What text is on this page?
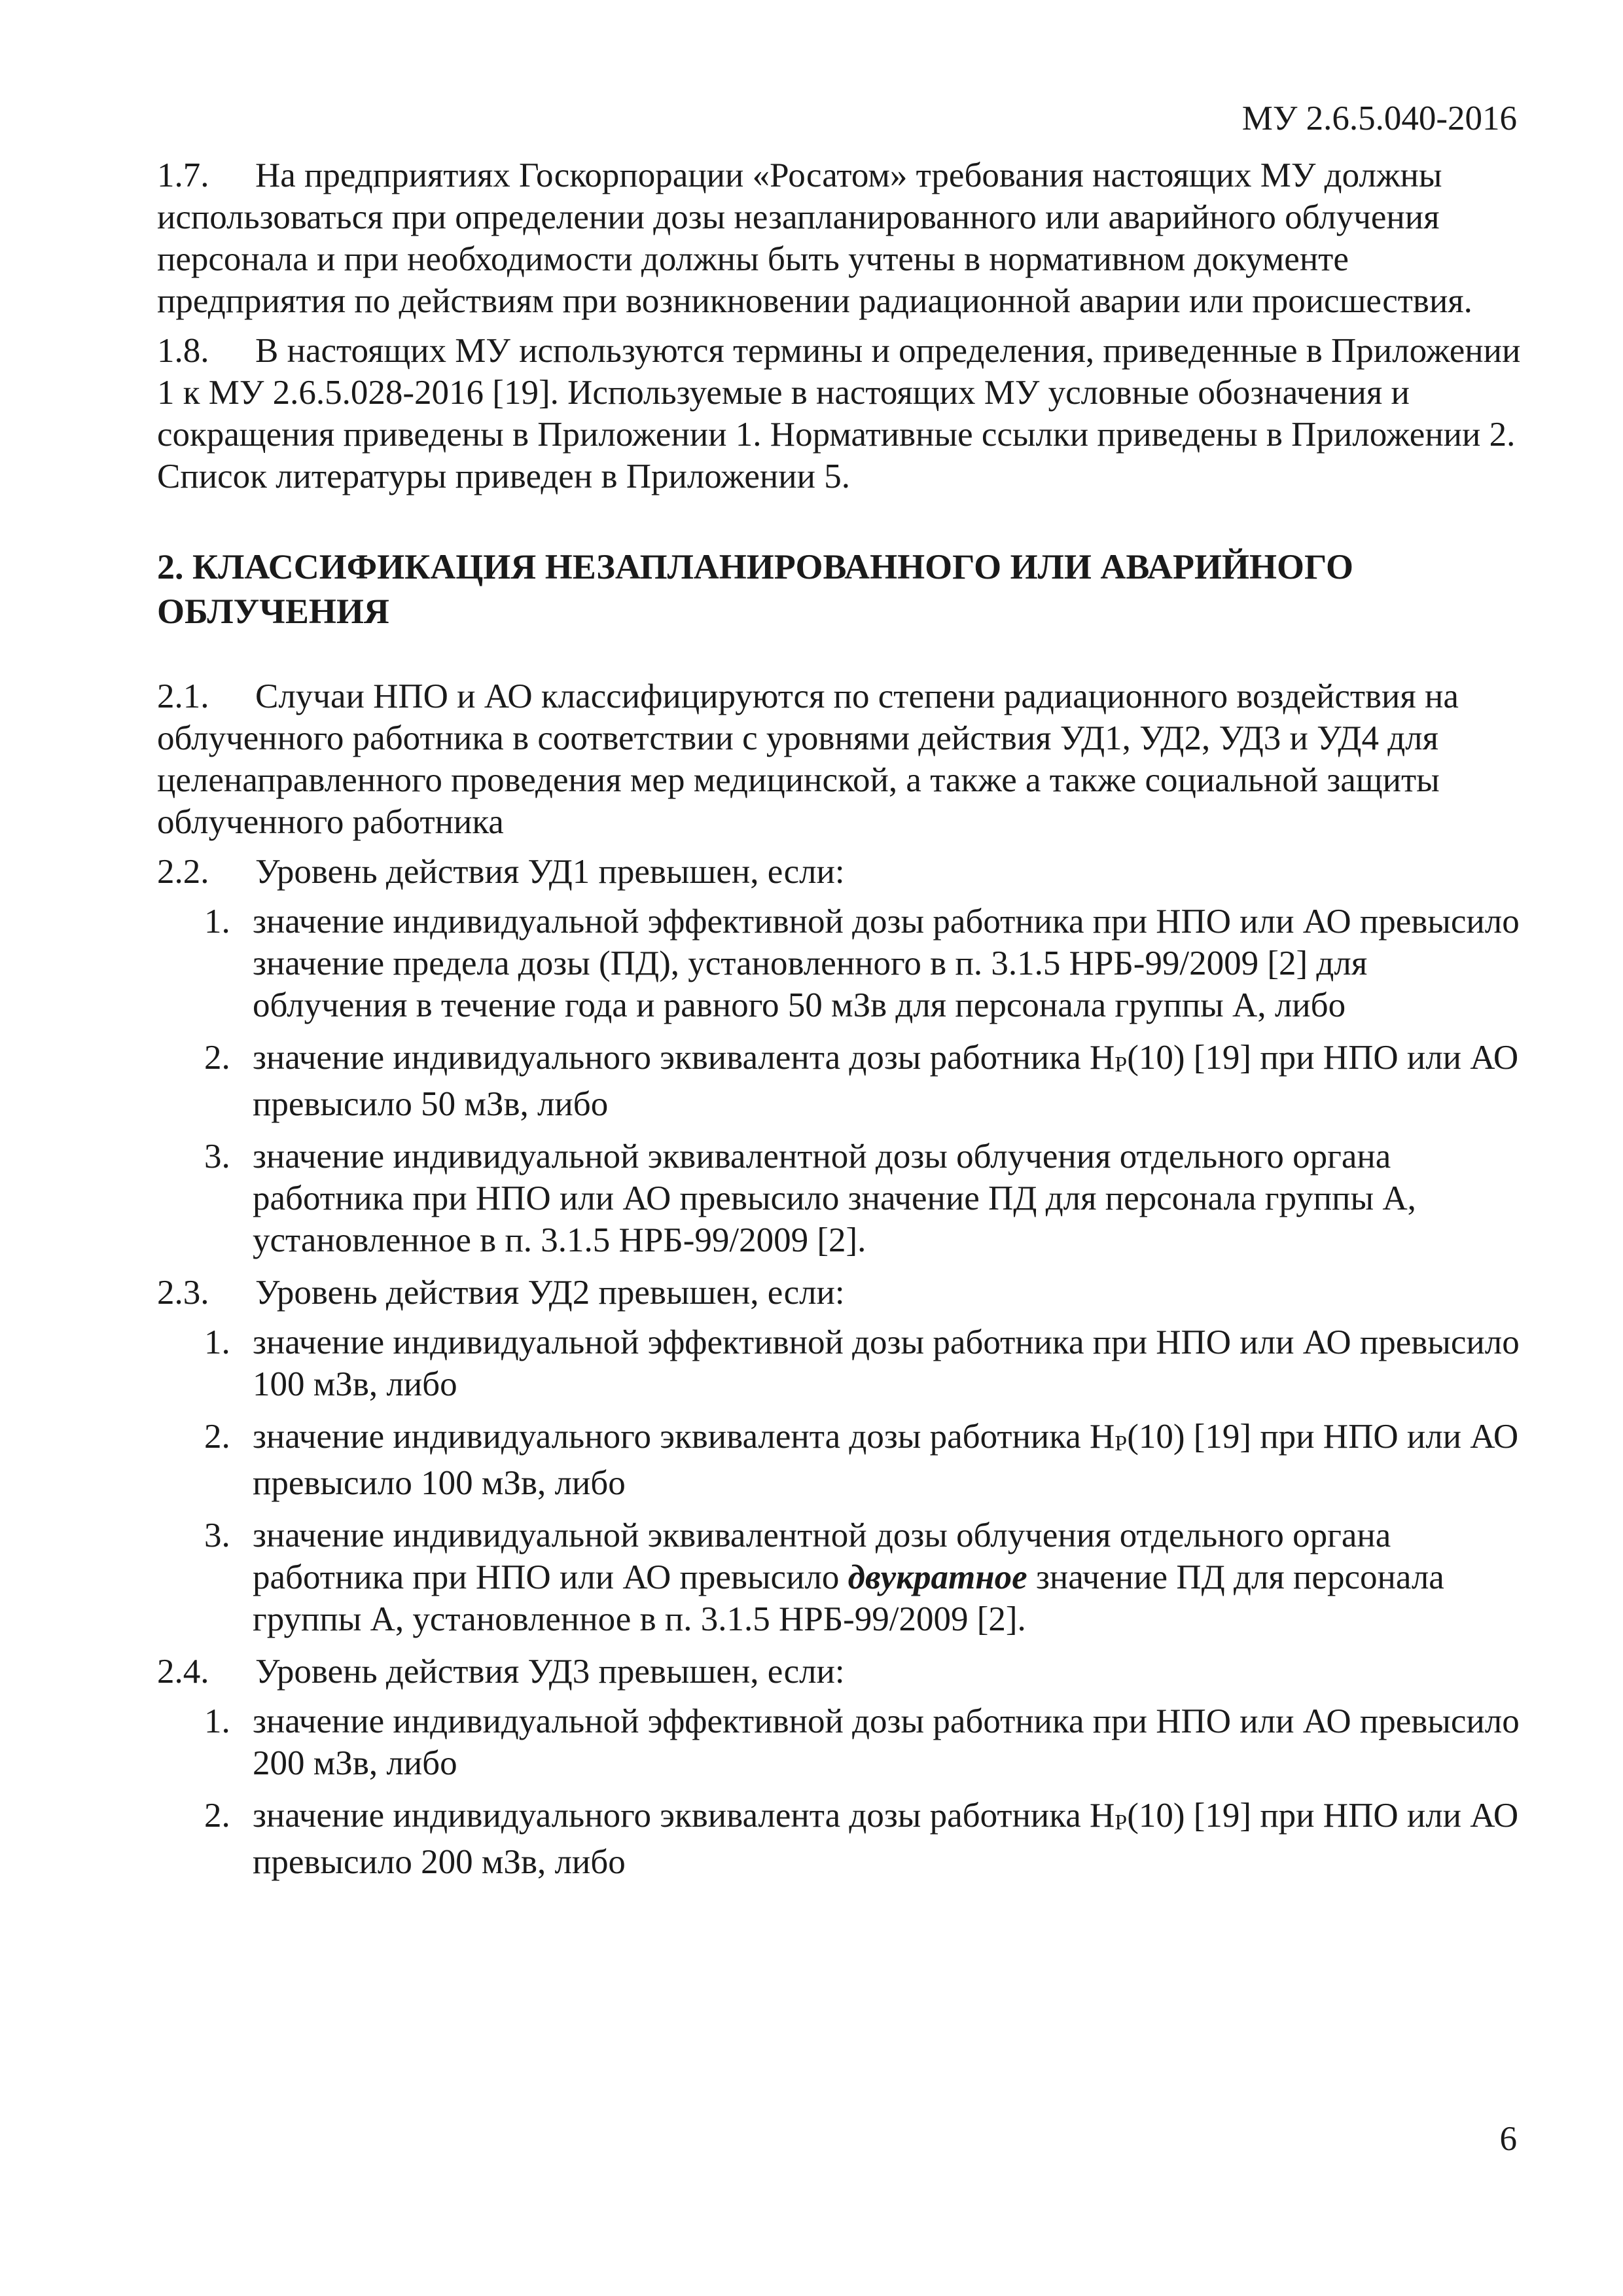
МУ 2.6.5.040-2016

1.7. На предприятиях Госкорпорации «Росатом» требования настоящих МУ должны использоваться при определении дозы незапланированного или аварийного облучения персонала и при необходимости должны быть учтены в нормативном документе предприятия по действиям при возникновении радиационной аварии или происшествия.

1.8. В настоящих МУ используются термины и определения, приведенные в Приложении 1 к МУ 2.6.5.028-2016 [19]. Используемые в настоящих МУ условные обозначения и сокращения приведены в Приложении 1. Нормативные ссылки приведены в Приложении 2. Список литературы приведен в Приложении 5.

2. КЛАССИФИКАЦИЯ НЕЗАПЛАНИРОВАННОГО ИЛИ АВАРИЙНОГО ОБЛУЧЕНИЯ

2.1. Случаи НПО и АО классифицируются по степени радиационного воздействия на облученного работника в соответствии с уровнями действия УД1, УД2, УД3 и УД4 для целенаправленного проведения мер медицинской, а также а также социальной защиты облученного работника

2.2. Уровень действия УД1 превышен, если:

1. значение индивидуальной эффективной дозы работника при НПО или АО превысило значение предела дозы (ПД), установленного в п. 3.1.5 НРБ-99/2009 [2] для облучения в течение года и равного 50 мЗв для персонала группы А, либо
2. значение индивидуального эквивалента дозы работника HP(10) [19] при НПО или АО превысило 50 мЗв, либо
3. значение индивидуальной эквивалентной дозы облучения отдельного органа работника при НПО или АО превысило значение ПД для персонала группы А, установленное в п. 3.1.5 НРБ-99/2009 [2].

2.3. Уровень действия УД2 превышен, если:

1. значение индивидуальной эффективной дозы работника при НПО или АО превысило 100 мЗв, либо
2. значение индивидуального эквивалента дозы работника HP(10) [19] при НПО или АО превысило 100 мЗв, либо
3. значение индивидуальной эквивалентной дозы облучения отдельного органа работника при НПО или АО превысило двукратное значение ПД для персонала группы А, установленное в п. 3.1.5 НРБ-99/2009 [2].

2.4. Уровень действия УД3 превышен, если:

1. значение индивидуальной эффективной дозы работника при НПО или АО превысило 200 мЗв, либо
2. значение индивидуального эквивалента дозы работника HP(10) [19] при НПО или АО превысило 200 мЗв, либо
6
